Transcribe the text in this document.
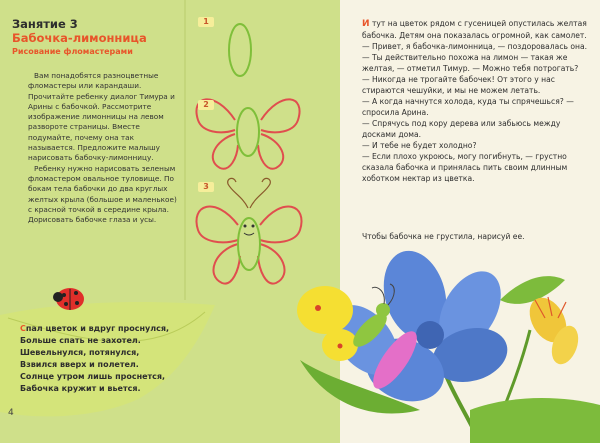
1
2
3
Занятие 3
Бабочка-лимонница
Рисование фломастерами

Вам понадобятся разноцветные фломастеры или карандаши. Прочитайте ребенку диалог Тимура и Арины с бабочкой. Рассмотрите изображение лимонницы на левом развороте страницы. Вместе подумайте, почему она так называется. Предложите малышу нарисовать бабочку-лимонницу.

Ребенку нужно нарисовать зеленым фломастером овальное туловище. По бокам тела бабочки до два круглых желтых крыла (большое и маленькое) с красной точкой в середине крыла. Дорисовать бабочке глаза и усы.

И тут на цветок рядом с гусеницей опустилась желтая бабочка. Детям она показалась огромной, как самолет.

— Привет, я бабочка-лимонница, — поздоровалась она.

— Ты действительно похожа на лимон — такая же желтая, — отметил Тимур. — Можно тебя потрогать?

— Никогда не трогайте бабочек! От этого у нас стираются чешуйки, и мы не можем летать.

— А когда начнутся холода, куда ты спрячешься? — спросила Арина.

— Спрячусь под кору дерева или забьюсь между досками дома.

— И тебе не будет холодно?

— Если плохо укроюсь, могу погибнуть, — грустно сказала бабочка и принялась пить своим длинным хоботком нектар из цветка.

Чтобы бабочка не грустила, нарисуй ее.
Спал цветок и вдруг проснулся,
Больше спать не захотел.
Шевельнулся, потянулся,
Взвился вверх и полетел.
Солнце утром лишь проснется,
Бабочка кружит и вьется.
4
